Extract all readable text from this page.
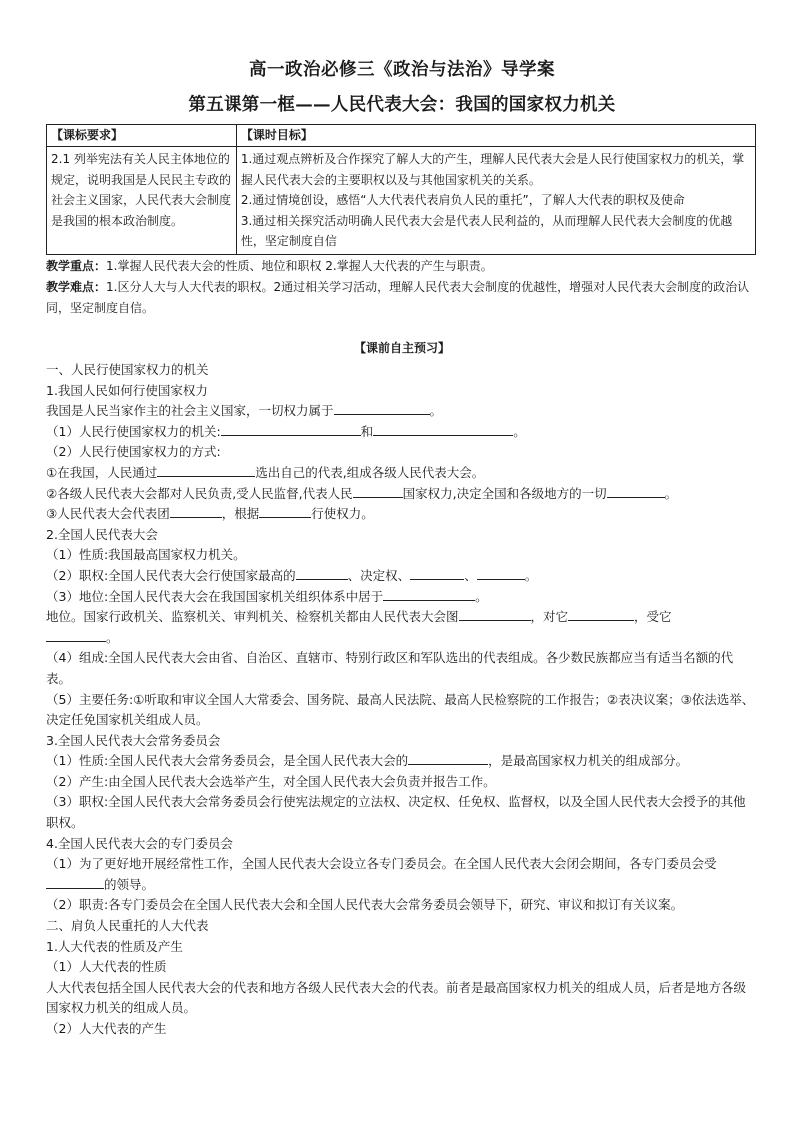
高一政治必修三《政治与法治》导学案

第五课第一框——人民代表大会：我国的国家权力机关

【课标要求】	【课时目标】
2.1 列举宪法有关人民主体地位的规定，说明我国是人民民主专政的社会主义国家，人民代表大会制度是我国的根本政治制度。	1.通过观点辨析及合作探究了解人大的产生，理解人民代表大会是人民行使国家权力的机关，掌握人民代表大会的主要职权以及与其他国家机关的关系。
2.通过情境创设，感悟“人大代表代表肩负人民的重托”，了解人大代表的职权及使命
3.通过相关探究活动明确人民代表大会是代表人民利益的，从而理解人民代表大会制度的优越性，坚定制度自信

教学重点：1.掌握人民代表大会的性质、地位和职权 2.掌握人大代表的产生与职责。

教学难点：1.区分人大与人大代表的职权。2通过相关学习活动，理解人民代表大会制度的优越性，增强对人民代表大会制度的政治认同，坚定制度自信。

【课前自主预习】

一、人民行使国家权力的机关

1.我国人民如何行使国家权力

我国是人民当家作主的社会主义国家，一切权力属于	。

（1）人民行使国家权力的机关:	和	。

（2）人民行使国家权力的方式:

①在我国，人民通过	选出自己的代表,组成各级人民代表大会。

②各级人民代表大会都对人民负责,受人民监督,代表人民	国家权力,决定全国和各级地方的一切	。

③人民代表大会代表团	，根据	行使权力。

2.全国人民代表大会

（1）性质:我国最高国家权力机关。

（2）职权:全国人民代表大会行使国家最高的	、决定权、	、	。

（3）地位:全国人民代表大会在我国国家机关组织体系中居于	。

地位。国家行政机关、监察机关、审判机关、检察机关都由人民代表大会图	，对它	，受它

。

（4）组成:全国人民代表大会由省、自治区、直辖市、特别行政区和军队选出的代表组成。各少数民族都应当有适当名额的代表。

（5）主要任务:①听取和审议全国人大常委会、国务院、最高人民法院、最高人民检察院的工作报告；②表决议案；③依法选举、决定任免国家机关组成人员。

3.全国人民代表大会常务委员会

（1）性质:全国人民代表大会常务委员会，是全国人民代表大会的	，是最高国家权力机关的组成部分。

（2）产生:由全国人民代表大会选举产生，对全国人民代表大会负责并报告工作。

（3）职权:全国人民代表大会常务委员会行使宪法规定的立法权、决定权、任免权、监督权，以及全国人民代表大会授予的其他职权。

4.全国人民代表大会的专门委员会

（1）为了更好地开展经常性工作，全国人民代表大会设立各专门委员会。在全国人民代表大会闭会期间，各专门委员会受的领导。

（2）职责:各专门委员会在全国人民代表大会和全国人民代表大会常务委员会领导下，研究、审议和拟订有关议案。

二、肩负人民重托的人大代表

1.人大代表的性质及产生

（1）人大代表的性质

人大代表包括全国人民代表大会的代表和地方各级人民代表大会的代表。前者是最高国家权力机关的组成人员，后者是地方各级国家权力机关的组成人员。

（2）人大代表的产生
